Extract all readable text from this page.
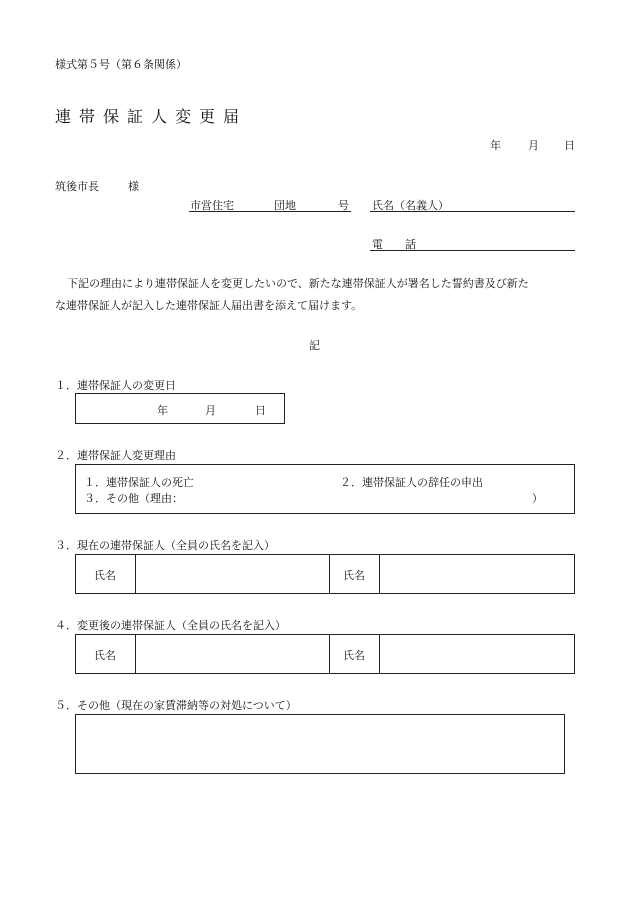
様式第５号（第６条関係）
連帯保証人変更届
年 月 日
筑後市長	様
市営住宅	団地	号 氏名（名義人）
電　　話
下記の理由により連帯保証人を変更したいので、新たな連帯保証人が署名した誓約書及び新た
な連帯保証人が記入した連帯保証人届出書を添えて届けます。
記
１．連帯保証人の変更日
年	月	日
２．連帯保証人変更理由
１．連帯保証人の死亡	２．連帯保証人の辞任の申出
３．その他（理由：	）
３．現在の連帯保証人（全員の氏名を記入）
氏名	氏名
４．変更後の連帯保証人（全員の氏名を記入）
氏名	氏名
５．その他（現在の家賃滞納等の対処について）
